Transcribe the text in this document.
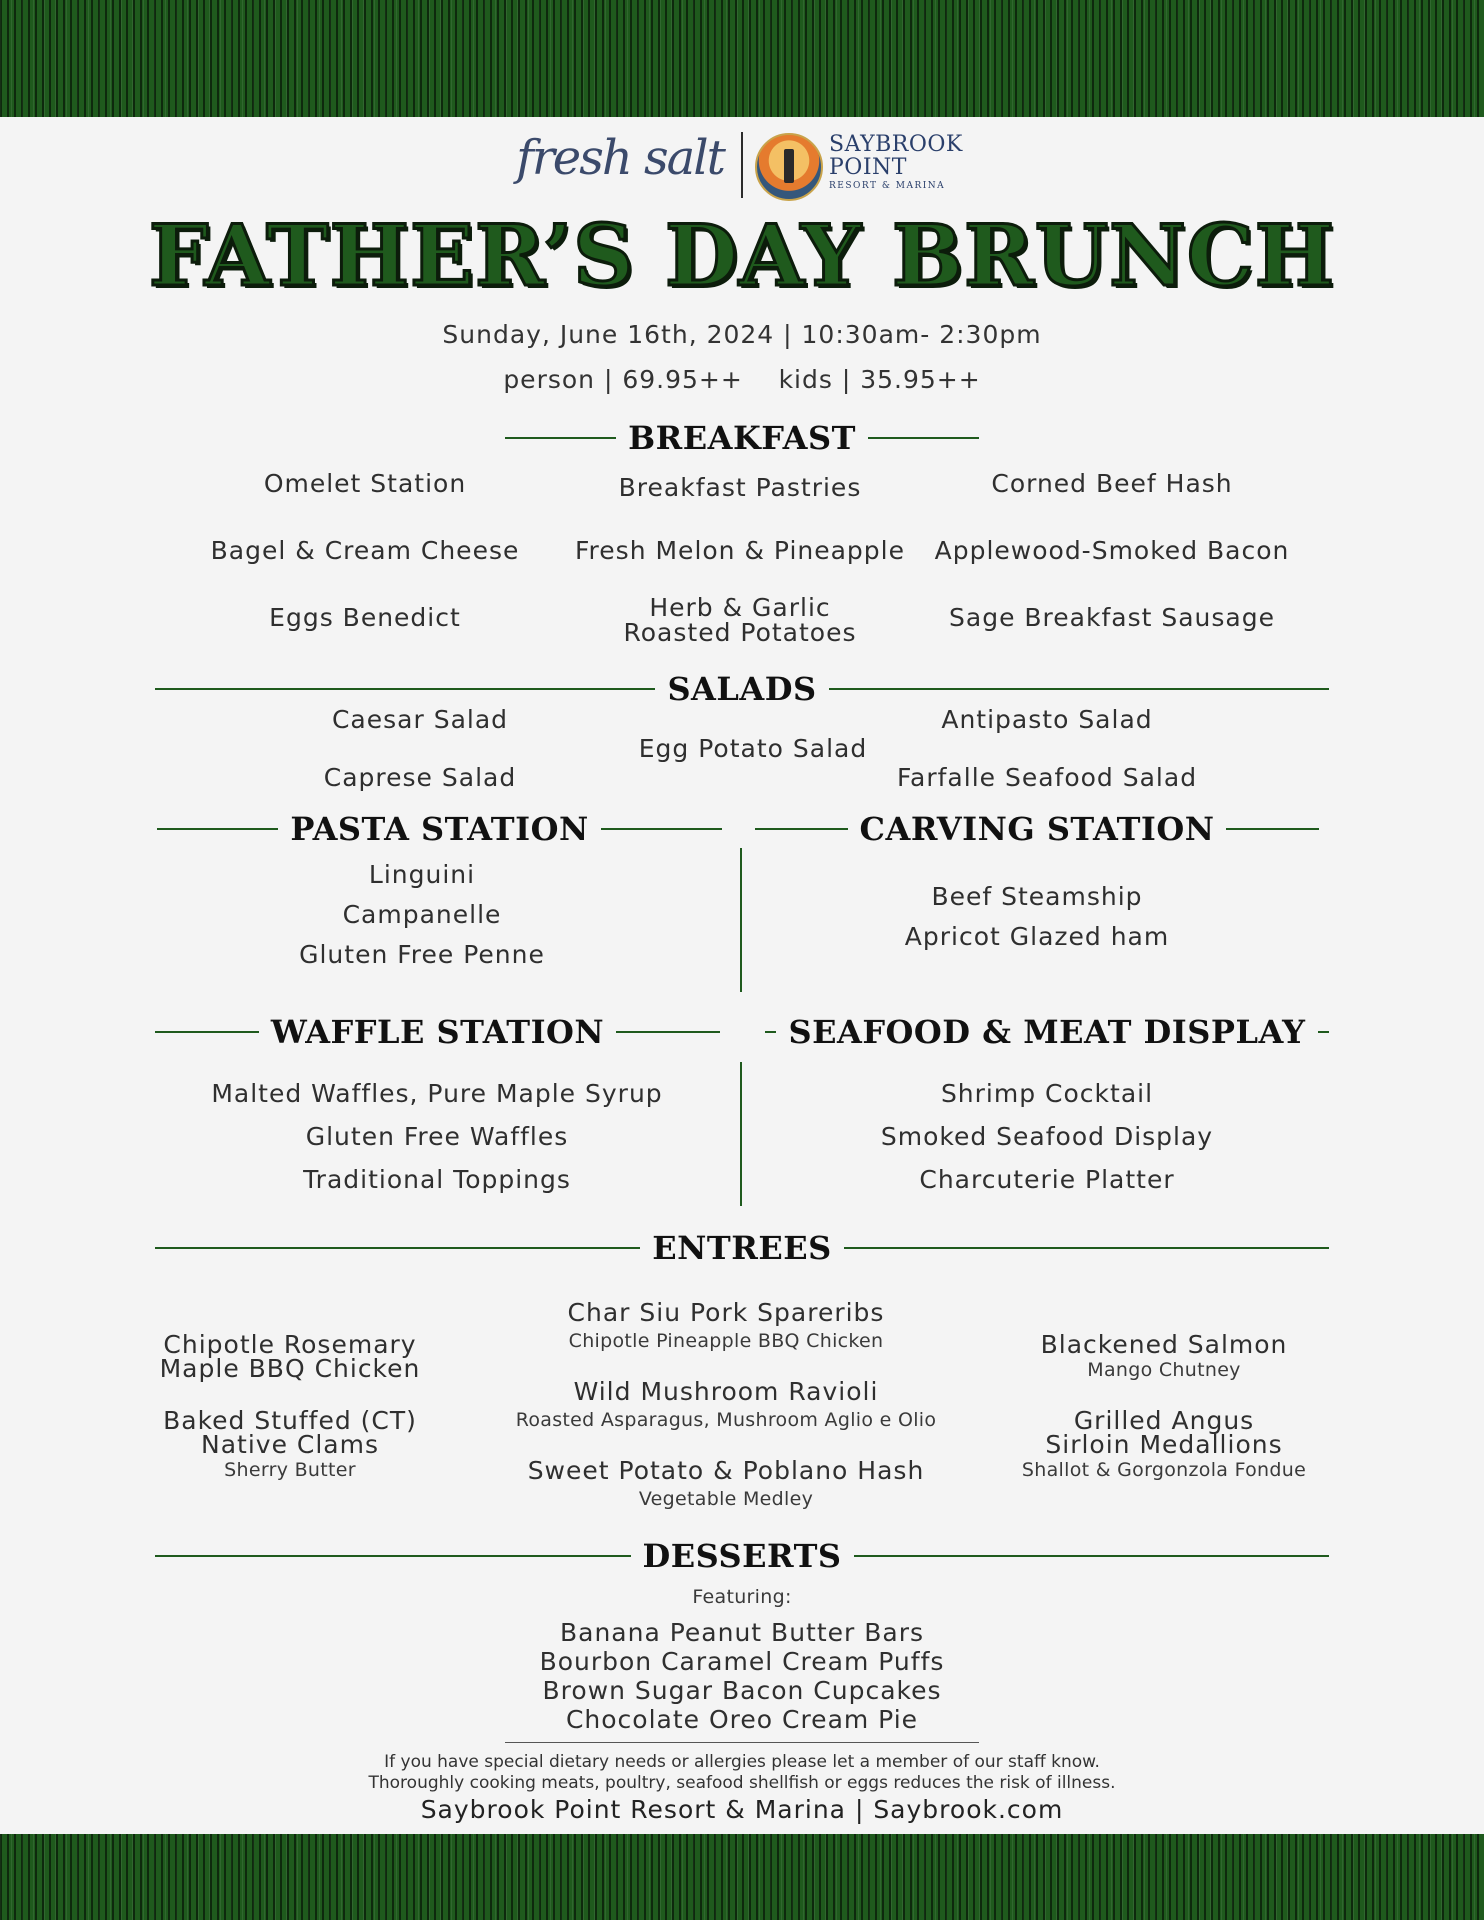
fresh salt	SAYBROOK
POINT
RESORT & MARINA
FATHER’S DAY BRUNCH
Sunday, June 16th, 2024 | 10:30am- 2:30pm
person | 69.95++    kids | 35.95++
BREAKFAST
Omelet Station
Bagel & Cream Cheese
Eggs Benedict
Breakfast Pastries
Fresh Melon & Pineapple
Herb & Garlic
Roasted Potatoes
Corned Beef Hash
Applewood-Smoked Bacon
Sage Breakfast Sausage
SALADS
Caesar Salad
Caprese Salad
Egg Potato Salad
Antipasto Salad
Farfalle Seafood Salad
PASTA STATION	CARVING STATION
Linguini
Campanelle
Gluten Free Penne
Beef Steamship
Apricot Glazed ham
WAFFLE STATION	SEAFOOD & MEAT DISPLAY
Malted Waffles, Pure Maple Syrup
Gluten Free Waffles
Traditional Toppings
Shrimp Cocktail
Smoked Seafood Display
Charcuterie Platter
ENTREES
Chipotle Rosemary
Maple BBQ Chicken
Baked Stuffed (CT)
Native Clams
Sherry Butter
Char Siu Pork Spareribs
Chipotle Pineapple BBQ Chicken
Wild Mushroom Ravioli
Roasted Asparagus, Mushroom Aglio e Olio
Sweet Potato & Poblano Hash
Vegetable Medley
Blackened Salmon
Mango Chutney
Grilled Angus
Sirloin Medallions
Shallot & Gorgonzola Fondue
DESSERTS
Featuring:
Banana Peanut Butter Bars
Bourbon Caramel Cream Puffs
Brown Sugar Bacon Cupcakes
Chocolate Oreo Cream Pie
If you have special dietary needs or allergies please let a member of our staff know.
Thoroughly cooking meats, poultry, seafood shellfish or eggs reduces the risk of illness.
Saybrook Point Resort & Marina | Saybrook.com
